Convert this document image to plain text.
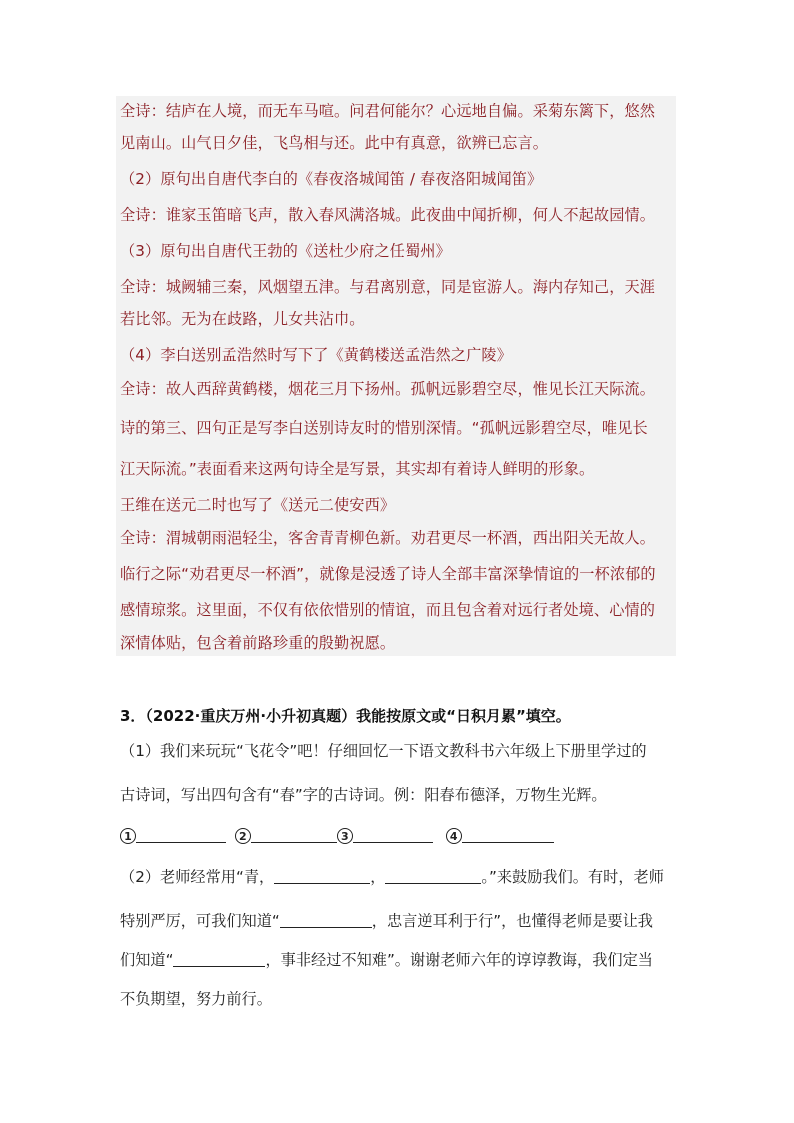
全诗：结庐在人境，而无车马喧。问君何能尔？心远地自偏。采菊东篱下，悠然
见南山。山气日夕佳，飞鸟相与还。此中有真意，欲辨已忘言。
（2）原句出自唐代李白的《春夜洛城闻笛 / 春夜洛阳城闻笛》
全诗：谁家玉笛暗飞声，散入春风满洛城。此夜曲中闻折柳，何人不起故园情。
（3）原句出自唐代王勃的《送杜少府之任蜀州》
全诗：城阙辅三秦，风烟望五津。与君离别意，同是宦游人。海内存知己，天涯
若比邻。无为在歧路，儿女共沾巾。
（4）李白送别孟浩然时写下了《黄鹤楼送孟浩然之广陵》
全诗：故人西辞黄鹤楼，烟花三月下扬州。孤帆远影碧空尽，惟见长江天际流。
诗的第三、四句正是写李白送别诗友时的惜别深情。“孤帆远影碧空尽，唯见长
江天际流。”表面看来这两句诗全是写景，其实却有着诗人鲜明的形象。
王维在送元二时也写了《送元二使安西》
全诗：渭城朝雨浥轻尘，客舍青青柳色新。劝君更尽一杯酒，西出阳关无故人。
临行之际“劝君更尽一杯酒”，就像是浸透了诗人全部丰富深挚情谊的一杯浓郁的
感情琼浆。这里面，不仅有依依惜别的情谊，而且包含着对远行者处境、心情的
深情体贴，包含着前路珍重的殷勤祝愿。
3．（2022·重庆万州·小升初真题）我能按原文或“日积月累”填空。
（1）我们来玩玩“飞花令”吧！仔细回忆一下语文教科书六年级上下册里学过的
古诗词，写出四句含有“春”字的古诗词。例：阳春布德泽，万物生光辉。
1	2	3	4
（2）老师经常用“青，	，	。”来鼓励我们。有时，老师
特别严厉，可我们知道“	，忠言逆耳利于行”，也懂得老师是要让我
们知道“	，事非经过不知难”。谢谢老师六年的谆谆教诲，我们定当
不负期望，努力前行。
